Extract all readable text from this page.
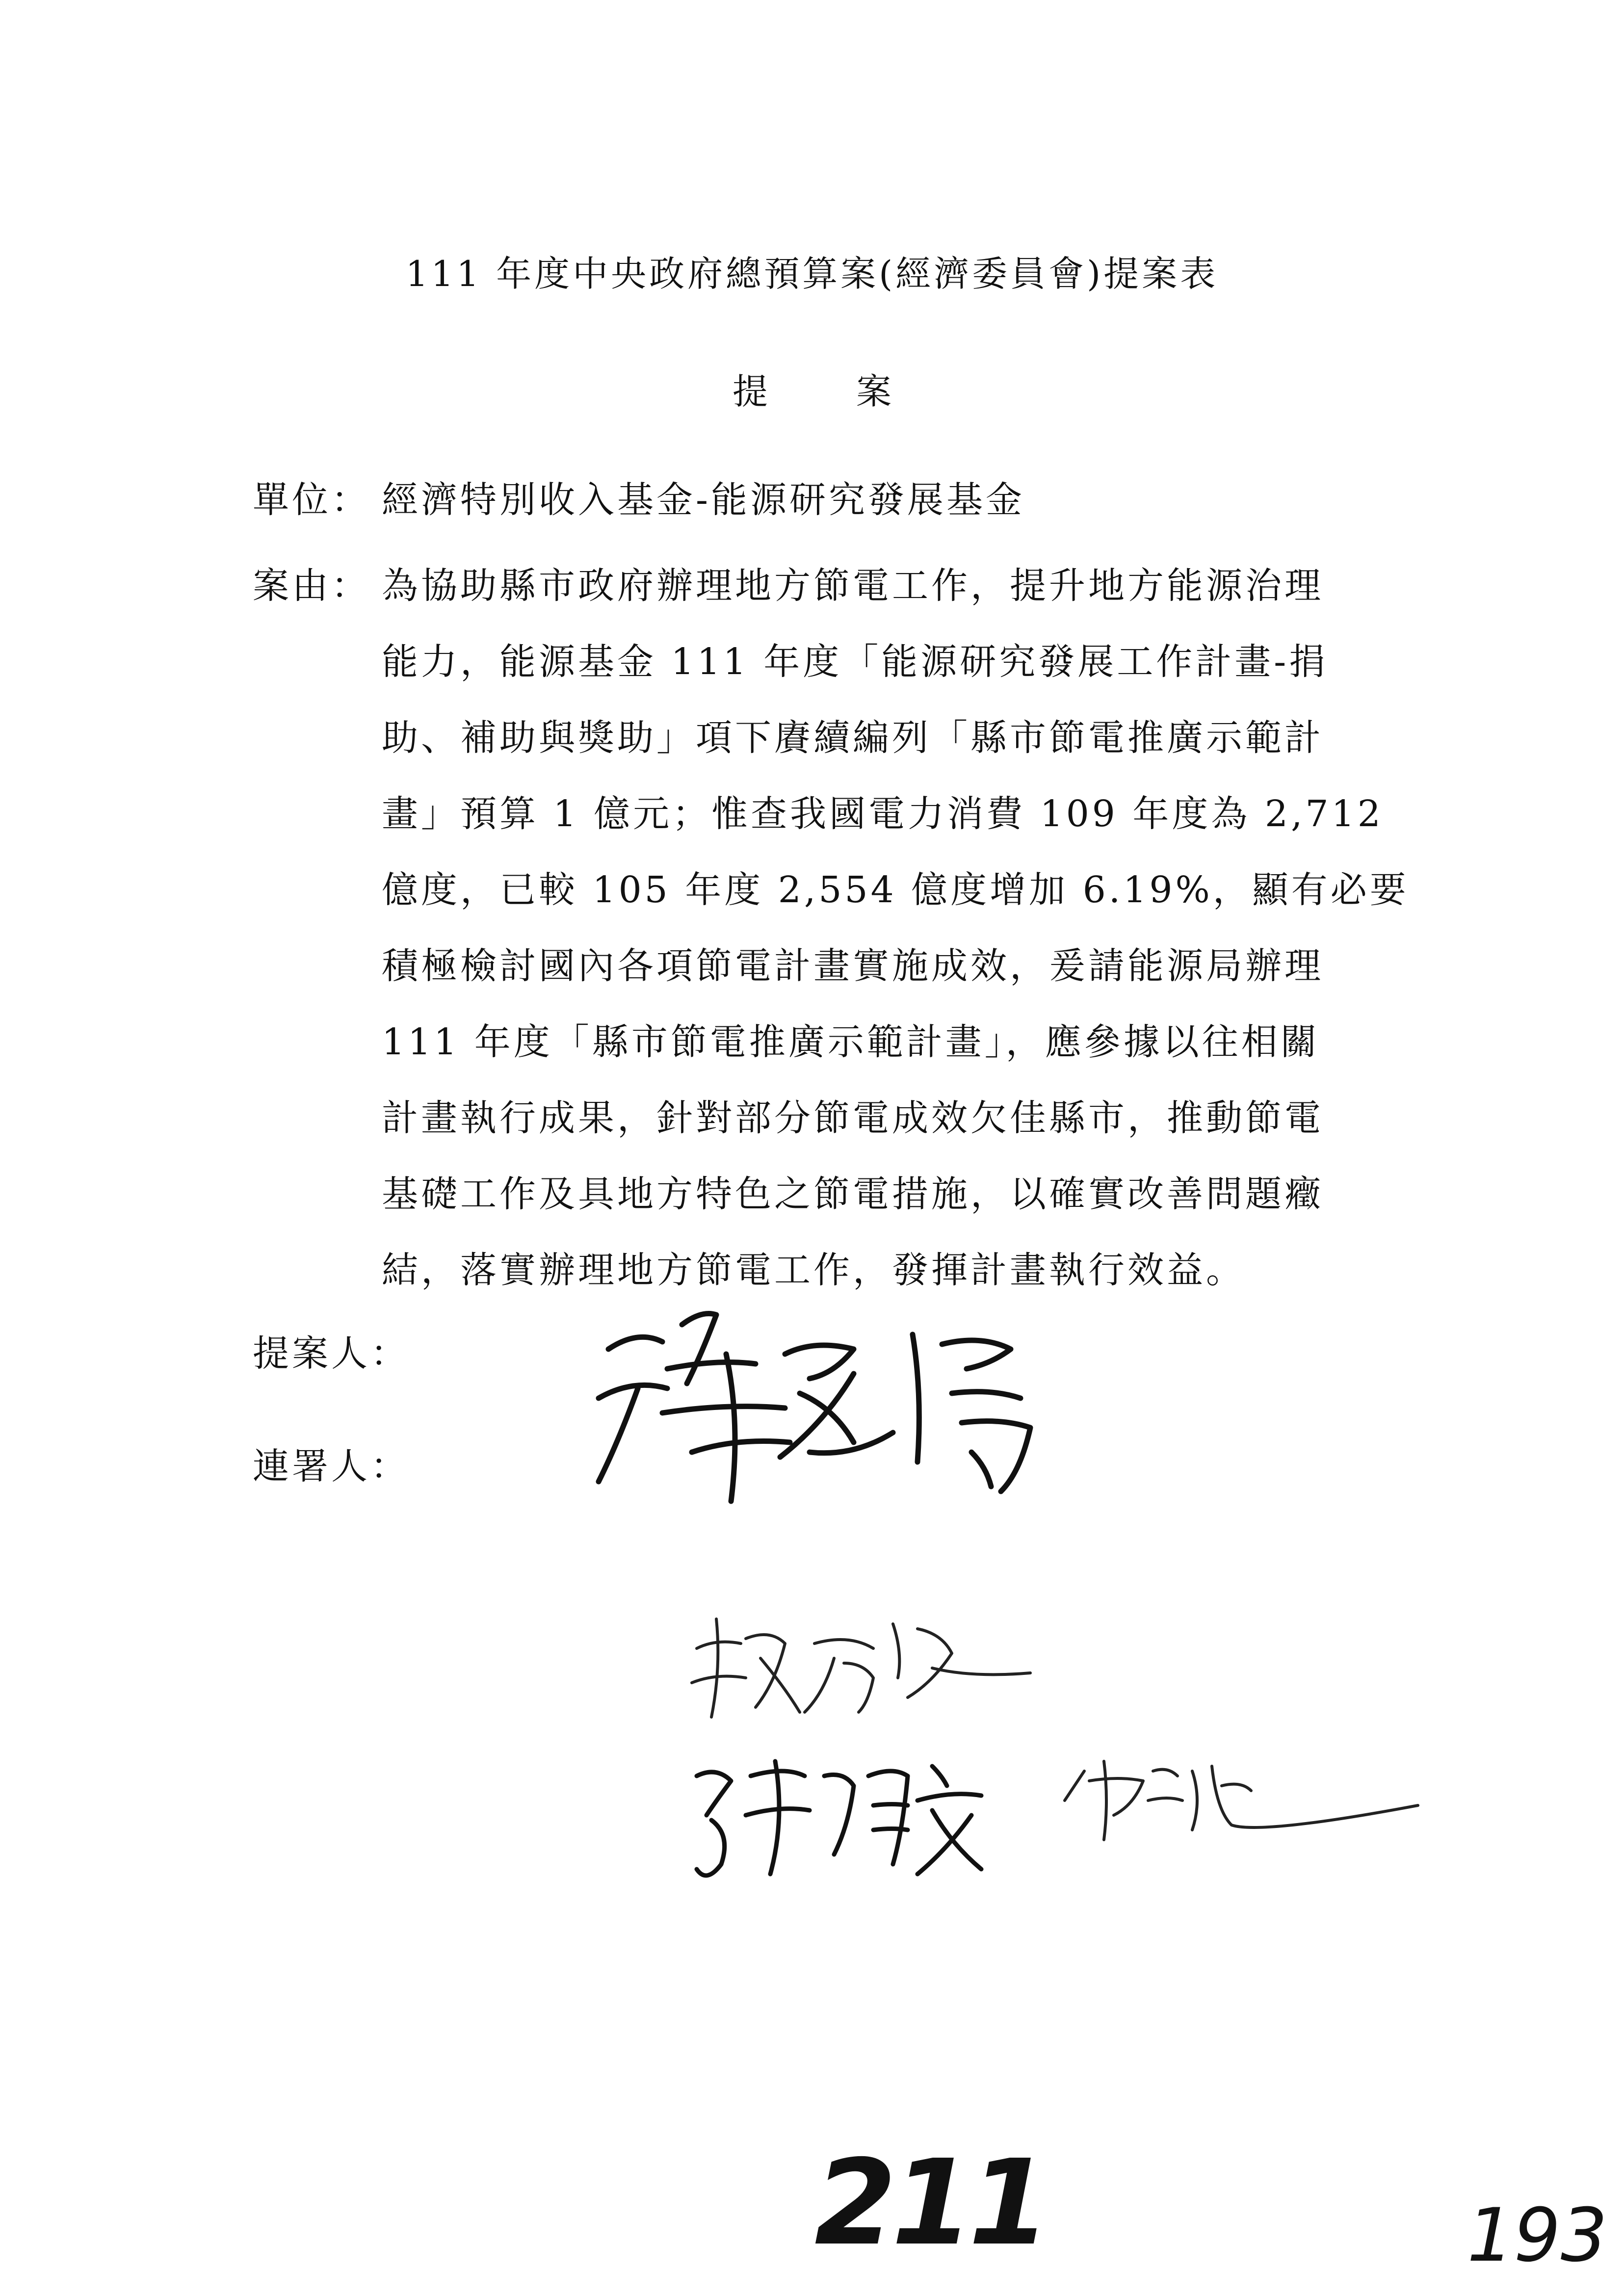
111 年度中央政府總預算案(經濟委員會)提案表
提案
單位： 經濟特別收入基金-能源研究發展基金
案由： 為協助縣市政府辦理地方節電工作，提升地方能源治理
能力，能源基金 111 年度「能源研究發展工作計畫-捐
助、補助與獎助」項下賡續編列「縣市節電推廣示範計
畫」預算 1 億元；惟查我國電力消費 109 年度為 2,712
億度，已較 105 年度 2,554 億度增加 6.19%，顯有必要
積極檢討國內各項節電計畫實施成效，爰請能源局辦理
111 年度「縣市節電推廣示範計畫」，應參據以往相關
計畫執行成果，針對部分節電成效欠佳縣市，推動節電
基礎工作及具地方特色之節電措施，以確實改善問題癥
結，落實辦理地方節電工作，發揮計畫執行效益。
提案人：
連署人：
211	193
